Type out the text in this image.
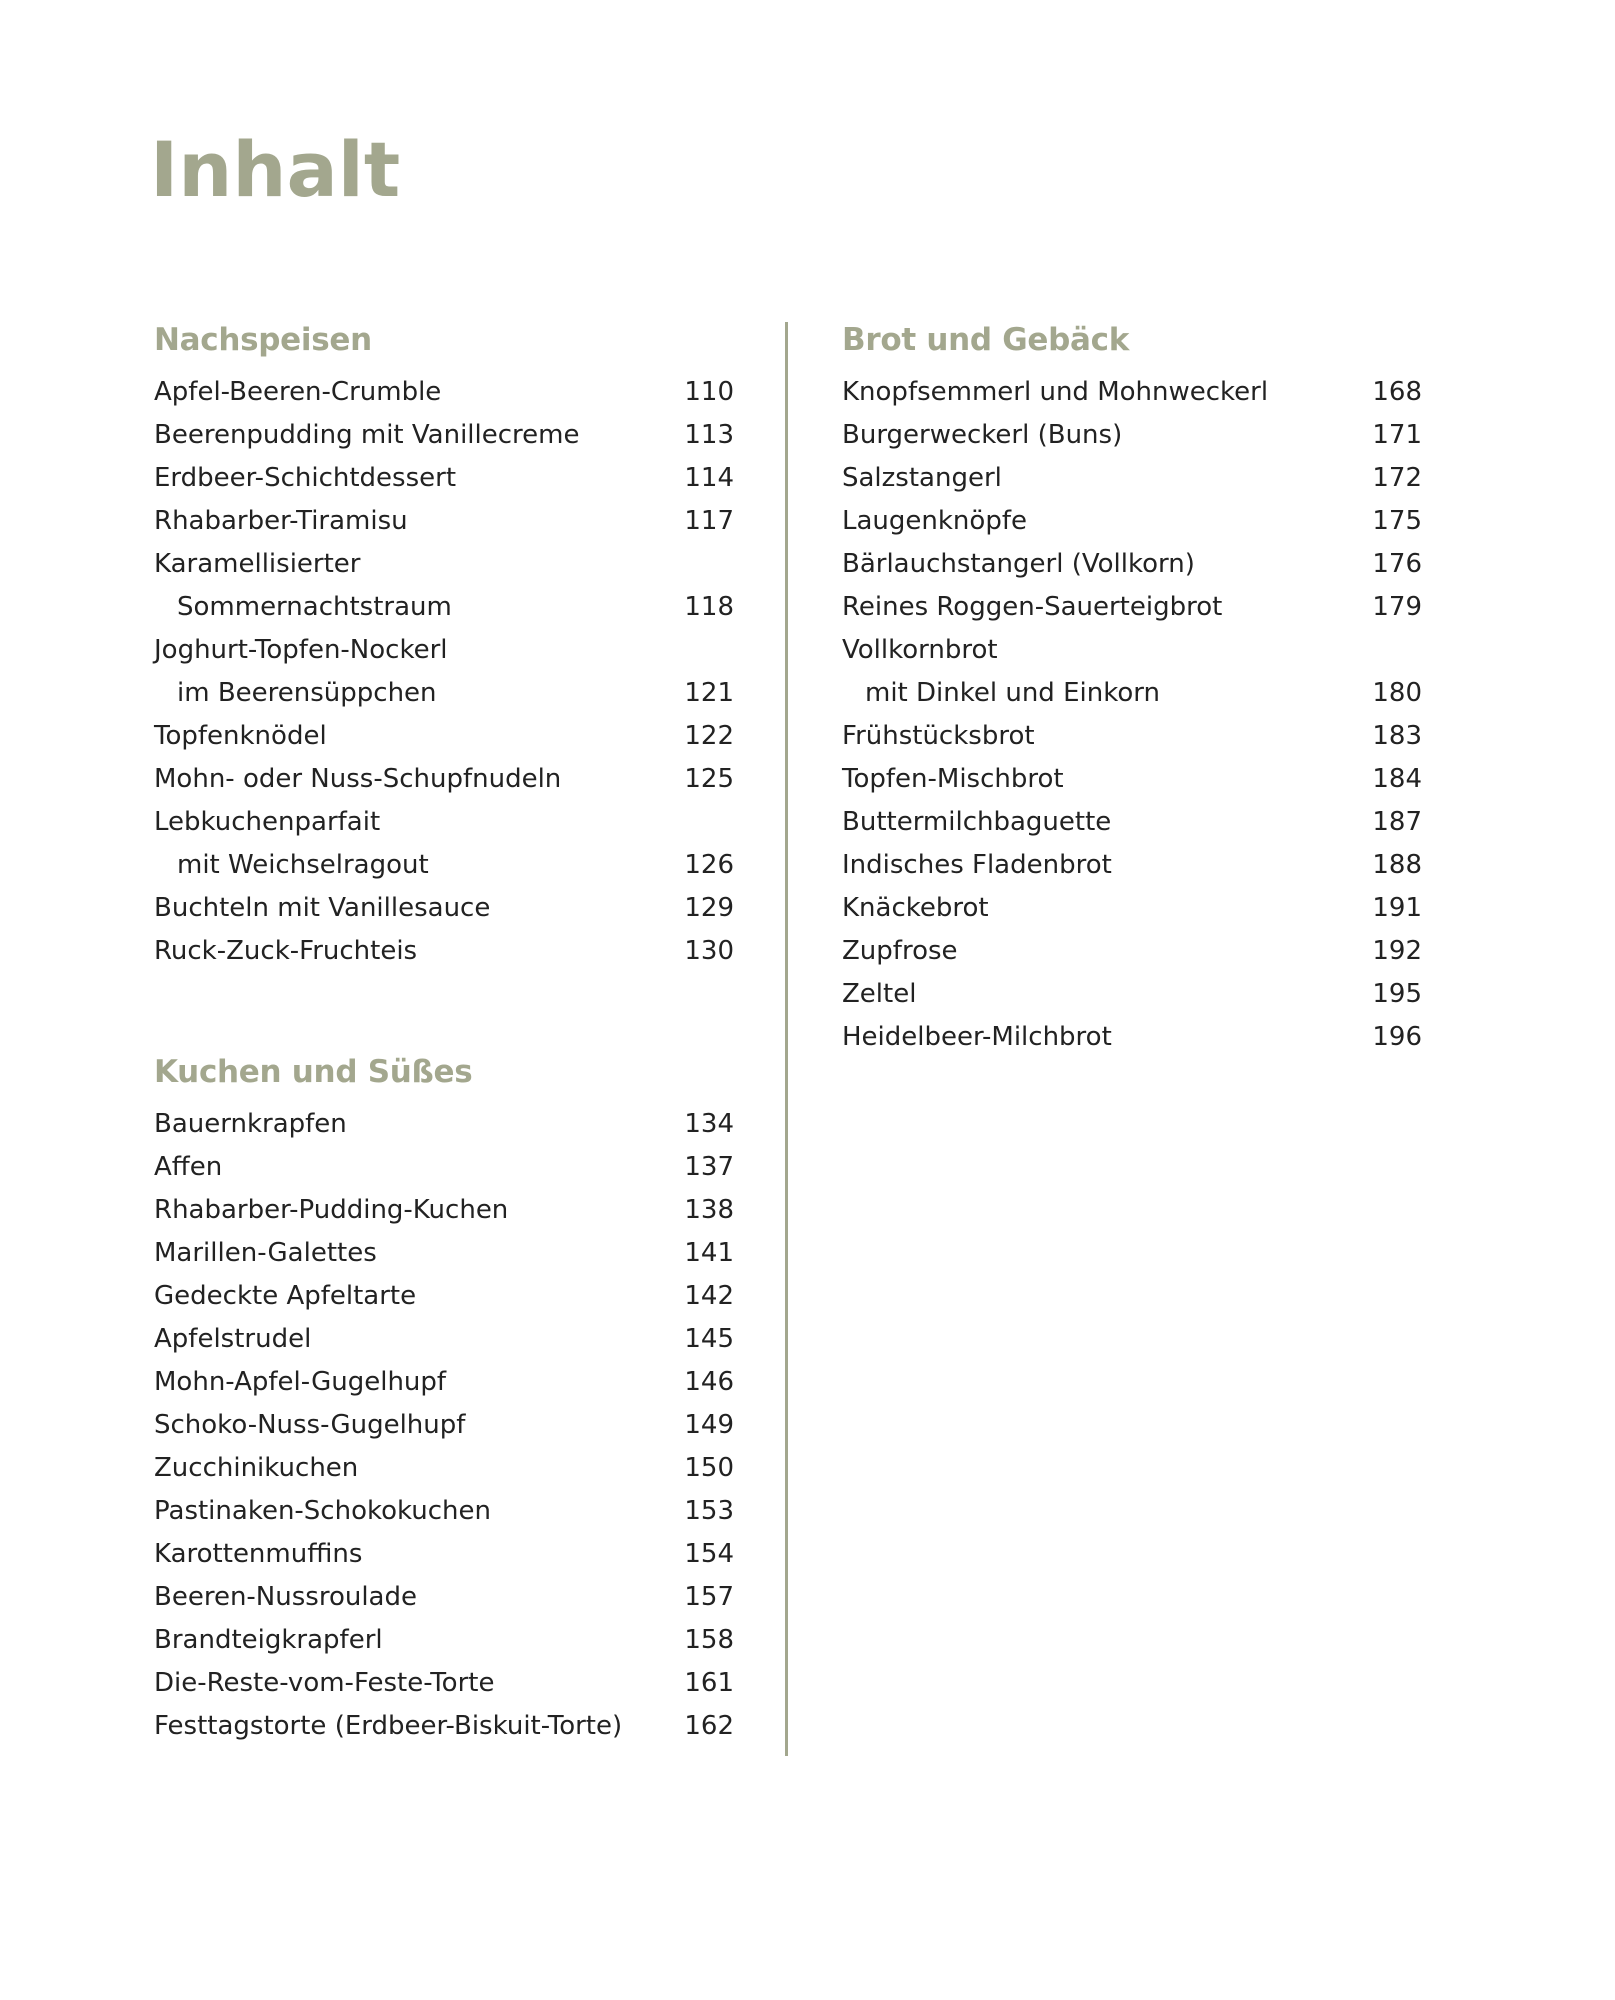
Inhalt
Nachspeisen
Apfel-Beeren-Crumble	110
Beerenpudding mit Vanillecreme	113
Erdbeer-Schichtdessert	114
Rhabarber-Tiramisu	117
Karamellisierter
Sommernachtstraum	118
Joghurt-Topfen-Nockerl
im Beerensüppchen	121
Topfenknödel	122
Mohn- oder Nuss-Schupfnudeln	125
Lebkuchenparfait
mit Weichselragout	126
Buchteln mit Vanillesauce	129
Ruck-Zuck-Fruchteis	130
Kuchen und Süßes
Bauernkrapfen	134
Affen	137
Rhabarber-Pudding-Kuchen	138
Marillen-Galettes	141
Gedeckte Apfeltarte	142
Apfelstrudel	145
Mohn-Apfel-Gugelhupf	146
Schoko-Nuss-Gugelhupf	149
Zucchinikuchen	150
Pastinaken-Schokokuchen	153
Karottenmuffins	154
Beeren-Nussroulade	157
Brandteigkrapferl	158
Die-Reste-vom-Feste-Torte	161
Festtagstorte (Erdbeer-Biskuit-Torte)	162
Brot und Gebäck
Knopfsemmerl und Mohnweckerl	168
Burgerweckerl (Buns)	171
Salzstangerl	172
Laugenknöpfe	175
Bärlauchstangerl (Vollkorn)	176
Reines Roggen-Sauerteigbrot	179
Vollkornbrot
mit Dinkel und Einkorn	180
Frühstücksbrot	183
Topfen-Mischbrot	184
Buttermilchbaguette	187
Indisches Fladenbrot	188
Knäckebrot	191
Zupfrose	192
Zeltel	195
Heidelbeer-Milchbrot	196
